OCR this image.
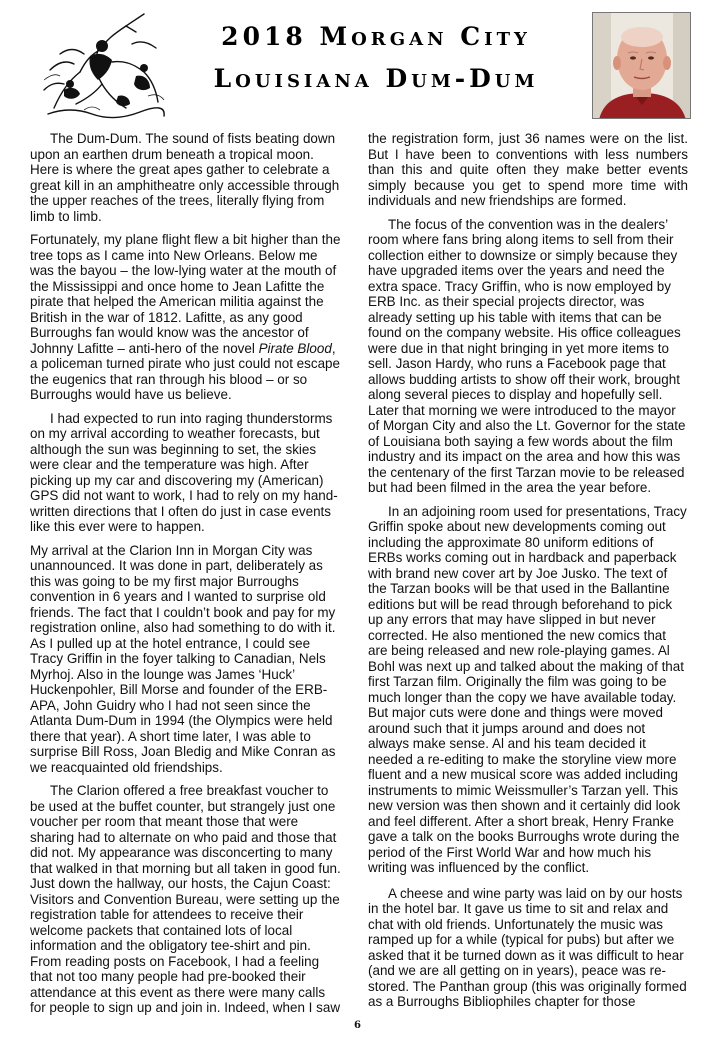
2018 Morgan City
Louisiana Dum-Dum

The Dum-Dum. The sound of fists beating down upon an earthen drum beneath a tropical moon. Here is where the great apes gather to celebrate a great kill in an amphitheatre only accessible through the upper reaches of the trees, literally flying from limb to limb.

Fortunately, my plane flight flew a bit higher than the tree tops as I came into New Orleans. Below me was the bayou – the low-lying water at the mouth of the Mississippi and once home to Jean Lafitte the pirate that helped the American militia against the British in the war of 1812. Lafitte, as any good Burroughs fan would know was the ancestor of Johnny Lafitte – anti-hero of the novel Pirate Blood, a policeman turned pirate who just could not escape the eugenics that ran through his blood – or so Burroughs would have us believe.

I had expected to run into raging thunderstorms on my arrival according to weather forecasts, but although the sun was beginning to set, the skies were clear and the temperature was high. After picking up my car and discovering my (American) GPS did not want to work, I had to rely on my hand-written directions that I often do just in case events like this ever were to happen.

My arrival at the Clarion Inn in Morgan City was unannounced. It was done in part, deliberately as this was going to be my first major Burroughs convention in 6 years and I wanted to surprise old friends. The fact that I couldn’t book and pay for my registration online, also had something to do with it. As I pulled up at the hotel entrance, I could see Tracy Griffin in the foyer talking to Canadian, Nels Myrhoj. Also in the lounge was James ‘Huck’ Huckenpohler, Bill Morse and founder of the ERB-APA, John Guidry who I had not seen since the Atlanta Dum-Dum in 1994 (the Olympics were held there that year). A short time later, I was able to surprise Bill Ross, Joan Bledig and Mike Conran as we reacquainted old friendships.

The Clarion offered a free breakfast voucher to be used at the buffet counter, but strangely just one voucher per room that meant those that were sharing had to alternate on who paid and those that did not. My appearance was disconcerting to many that walked in that morning but all taken in good fun. Just down the hallway, our hosts, the Cajun Coast: Visitors and Convention Bureau, were setting up the registration table for attendees to receive their welcome packets that contained lots of local information and the obligatory tee-shirt and pin. From reading posts on Facebook, I had a feeling that not too many people had pre-booked their attendance at this event as there were many calls for people to sign up and join in. Indeed, when I saw

the registration form, just 36 names were on the list. But I have been to conventions with less numbers than this and quite often they make better events simply because you get to spend more time with individuals and new friendships are formed.

The focus of the convention was in the dealers’ room where fans bring along items to sell from their collection either to downsize or simply because they have upgraded items over the years and need the extra space. Tracy Griffin, who is now employed by ERB Inc. as their special projects director, was already setting up his table with items that can be found on the company website. His office colleagues were due in that night bringing in yet more items to sell. Jason Hardy, who runs a Facebook page that allows budding artists to show off their work, brought along several pieces to display and hopefully sell. Later that morning we were introduced to the mayor of Morgan City and also the Lt. Governor for the state of Louisiana both saying a few words about the film industry and its impact on the area and how this was the centenary of the first Tarzan movie to be released but had been filmed in the area the year before.

In an adjoining room used for presentations, Tracy Griffin spoke about new developments coming out including the approximate 80 uniform editions of ERBs works coming out in hardback and paperback with brand new cover art by Joe Jusko. The text of the Tarzan books will be that used in the Ballantine editions but will be read through beforehand to pick up any errors that may have slipped in but never corrected. He also mentioned the new comics that are being released and new role-playing games. Al Bohl was next up and talked about the making of that first Tarzan film. Originally the film was going to be much longer than the copy we have available today. But major cuts were done and things were moved around such that it jumps around and does not always make sense. Al and his team decided it needed a re-editing to make the storyline view more fluent and a new musical score was added including instruments to mimic Weissmuller’s Tarzan yell. This new version was then shown and it certainly did look and feel different. After a short break, Henry Franke gave a talk on the books Burroughs wrote during the period of the First World War and how much his writing was influenced by the conflict.

A cheese and wine party was laid on by our hosts in the hotel bar. It gave us time to sit and relax and chat with old friends. Unfortunately the music was ramped up for a while (typical for pubs) but after we asked that it be turned down as it was difficult to hear (and we are all getting on in years), peace was re-stored. The Panthan group (this was originally formed as a Burroughs Bibliophiles chapter for those

6
